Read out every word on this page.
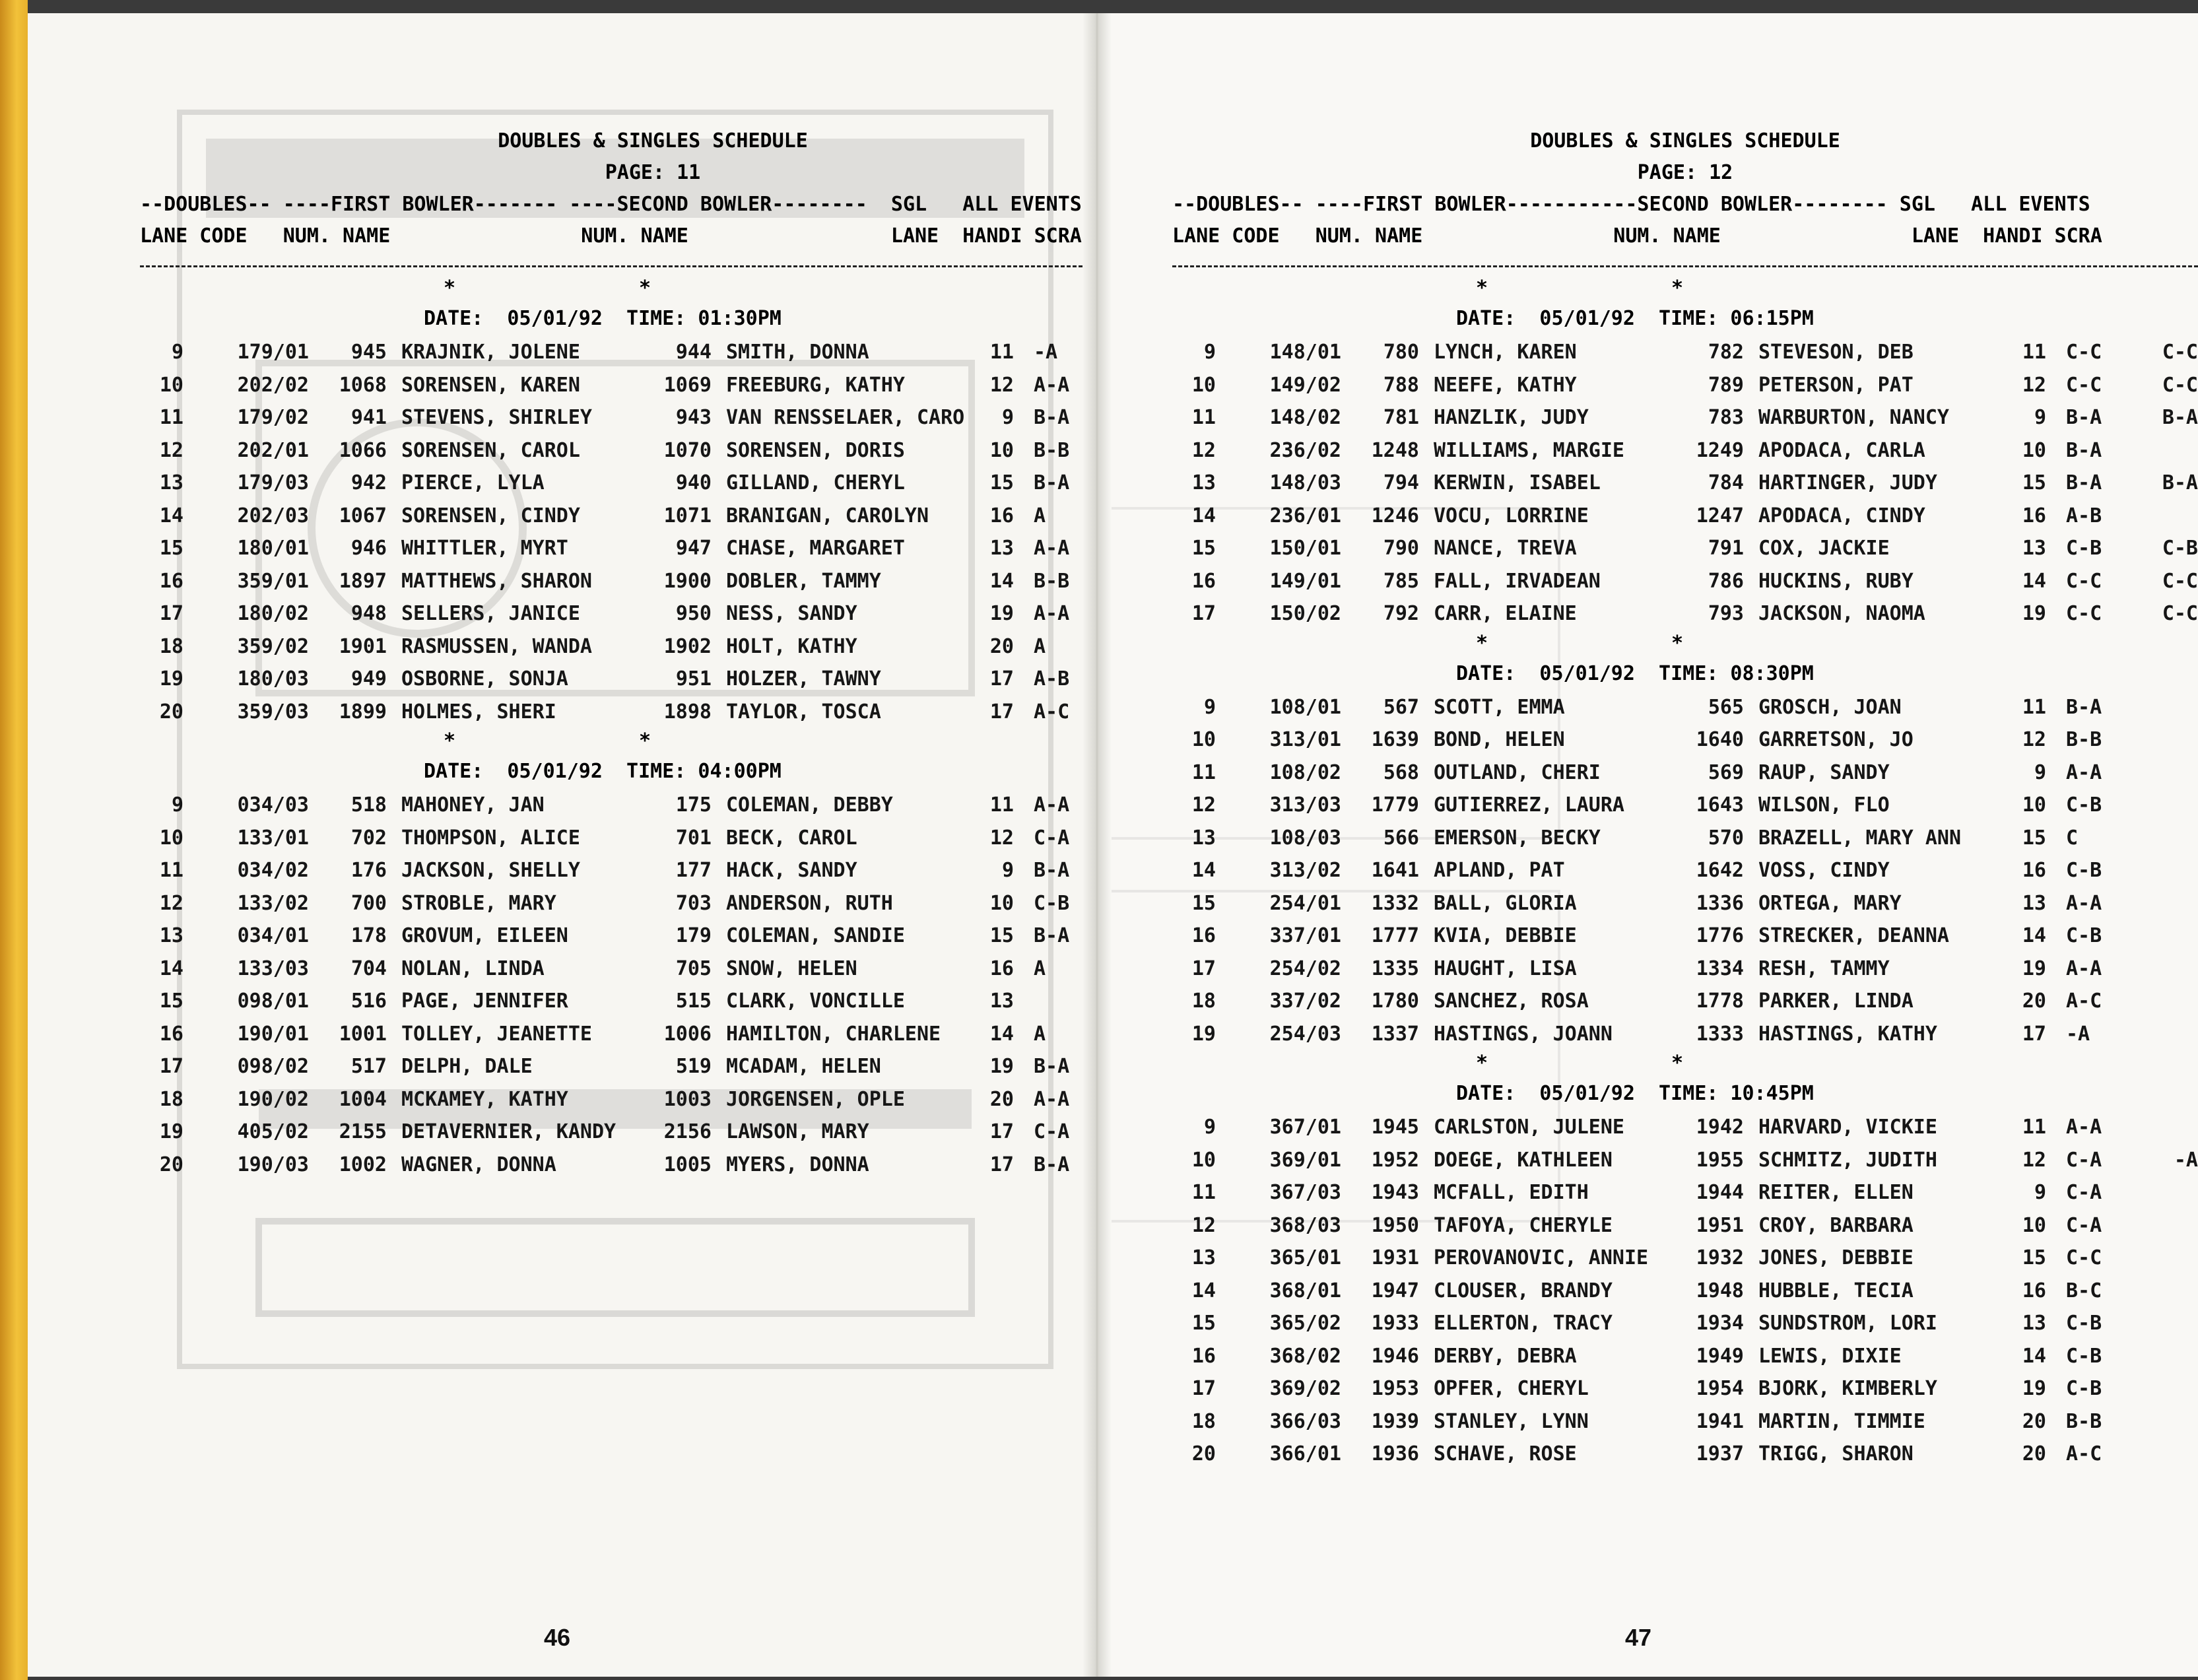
DOUBLES & SINGLES SCHEDULE
PAGE: 11
--DOUBLES-- ----FIRST BOWLER------- ----SECOND BOWLER--------  SGL   ALL EVENTS
LANE CODE   NUM. NAME                NUM. NAME                 LANE  HANDI SCRA
*	*
DATE:  05/01/92  TIME: 01:30PM
9	179/01	945 KRAJNIK, JOLENE	944 SMITH, DONNA	11	-A
10	202/02	1068 SORENSEN, KAREN	1069 FREEBURG, KATHY	12	A-A
11	179/02	941 STEVENS, SHIRLEY	943 VAN RENSSELAER, CARO	9	B-A
12	202/01	1066 SORENSEN, CAROL	1070 SORENSEN, DORIS	10	B-B
13	179/03	942 PIERCE, LYLA	940 GILLAND, CHERYL	15	B-A
14	202/03	1067 SORENSEN, CINDY	1071 BRANIGAN, CAROLYN	16	A
15	180/01	946 WHITTLER, MYRT	947 CHASE, MARGARET	13	A-A
16	359/01	1897 MATTHEWS, SHARON	1900 DOBLER, TAMMY	14	B-B
17	180/02	948 SELLERS, JANICE	950 NESS, SANDY	19	A-A
18	359/02	1901 RASMUSSEN, WANDA	1902 HOLT, KATHY	20	A
19	180/03	949 OSBORNE, SONJA	951 HOLZER, TAWNY	17	A-B
20	359/03	1899 HOLMES, SHERI	1898 TAYLOR, TOSCA	17	A-C
*	*
DATE:  05/01/92  TIME: 04:00PM
9	034/03	518 MAHONEY, JAN	175 COLEMAN, DEBBY	11	A-A
10	133/01	702 THOMPSON, ALICE	701 BECK, CAROL	12	C-A
11	034/02	176 JACKSON, SHELLY	177 HACK, SANDY	9	B-A
12	133/02	700 STROBLE, MARY	703 ANDERSON, RUTH	10	C-B
13	034/01	178 GROVUM, EILEEN	179 COLEMAN, SANDIE	15	B-A
14	133/03	704 NOLAN, LINDA	705 SNOW, HELEN	16	A
15	098/01	516 PAGE, JENNIFER	515 CLARK, VONCILLE	13
16	190/01	1001 TOLLEY, JEANETTE	1006 HAMILTON, CHARLENE	14	A
17	098/02	517 DELPH, DALE	519 MCADAM, HELEN	19	B-A
18	190/02	1004 MCKAMEY, KATHY	1003 JORGENSEN, OPLE	20	A-A
19	405/02	2155 DETAVERNIER, KANDY	2156 LAWSON, MARY	17	C-A
20	190/03	1002 WAGNER, DONNA	1005 MYERS, DONNA	17	B-A
46
DOUBLES & SINGLES SCHEDULE
PAGE: 12
--DOUBLES-- ----FIRST BOWLER-----------SECOND BOWLER-------- SGL   ALL EVENTS
LANE CODE   NUM. NAME                NUM. NAME                LANE  HANDI SCRA
*	*
DATE:  05/01/92  TIME: 06:15PM
9	148/01	780 LYNCH, KAREN	782 STEVESON, DEB	11	C-C	C-C
10	149/02	788 NEEFE, KATHY	789 PETERSON, PAT	12	C-C	C-C
11	148/02	781 HANZLIK, JUDY	783 WARBURTON, NANCY	9	B-A	B-A
12	236/02	1248 WILLIAMS, MARGIE	1249 APODACA, CARLA	10	B-A
13	148/03	794 KERWIN, ISABEL	784 HARTINGER, JUDY	15	B-A	B-A
14	236/01	1246 VOCU, LORRINE	1247 APODACA, CINDY	16	A-B
15	150/01	790 NANCE, TREVA	791 COX, JACKIE	13	C-B	C-B
16	149/01	785 FALL, IRVADEAN	786 HUCKINS, RUBY	14	C-C	C-C
17	150/02	792 CARR, ELAINE	793 JACKSON, NAOMA	19	C-C	C-C
*	*
DATE:  05/01/92  TIME: 08:30PM
9	108/01	567 SCOTT, EMMA	565 GROSCH, JOAN	11	B-A
10	313/01	1639 BOND, HELEN	1640 GARRETSON, JO	12	B-B
11	108/02	568 OUTLAND, CHERI	569 RAUP, SANDY	9	A-A
12	313/03	1779 GUTIERREZ, LAURA	1643 WILSON, FLO	10	C-B
13	108/03	566 EMERSON, BECKY	570 BRAZELL, MARY ANN	15	C
14	313/02	1641 APLAND, PAT	1642 VOSS, CINDY	16	C-B
15	254/01	1332 BALL, GLORIA	1336 ORTEGA, MARY	13	A-A
16	337/01	1777 KVIA, DEBBIE	1776 STRECKER, DEANNA	14	C-B
17	254/02	1335 HAUGHT, LISA	1334 RESH, TAMMY	19	A-A
18	337/02	1780 SANCHEZ, ROSA	1778 PARKER, LINDA	20	A-C
19	254/03	1337 HASTINGS, JOANN	1333 HASTINGS, KATHY	17	-A
*	*
DATE:  05/01/92  TIME: 10:45PM
9	367/01	1945 CARLSTON, JULENE	1942 HARVARD, VICKIE	11	A-A
10	369/01	1952 DOEGE, KATHLEEN	1955 SCHMITZ, JUDITH	12	C-A	-A
11	367/03	1943 MCFALL, EDITH	1944 REITER, ELLEN	9	C-A
12	368/03	1950 TAFOYA, CHERYLE	1951 CROY, BARBARA	10	C-A
13	365/01	1931 PEROVANOVIC, ANNIE	1932 JONES, DEBBIE	15	C-C
14	368/01	1947 CLOUSER, BRANDY	1948 HUBBLE, TECIA	16	B-C
15	365/02	1933 ELLERTON, TRACY	1934 SUNDSTROM, LORI	13	C-B
16	368/02	1946 DERBY, DEBRA	1949 LEWIS, DIXIE	14	C-B
17	369/02	1953 OPFER, CHERYL	1954 BJORK, KIMBERLY	19	C-B
18	366/03	1939 STANLEY, LYNN	1941 MARTIN, TIMMIE	20	B-B
20	366/01	1936 SCHAVE, ROSE	1937 TRIGG, SHARON	20	A-C
47
